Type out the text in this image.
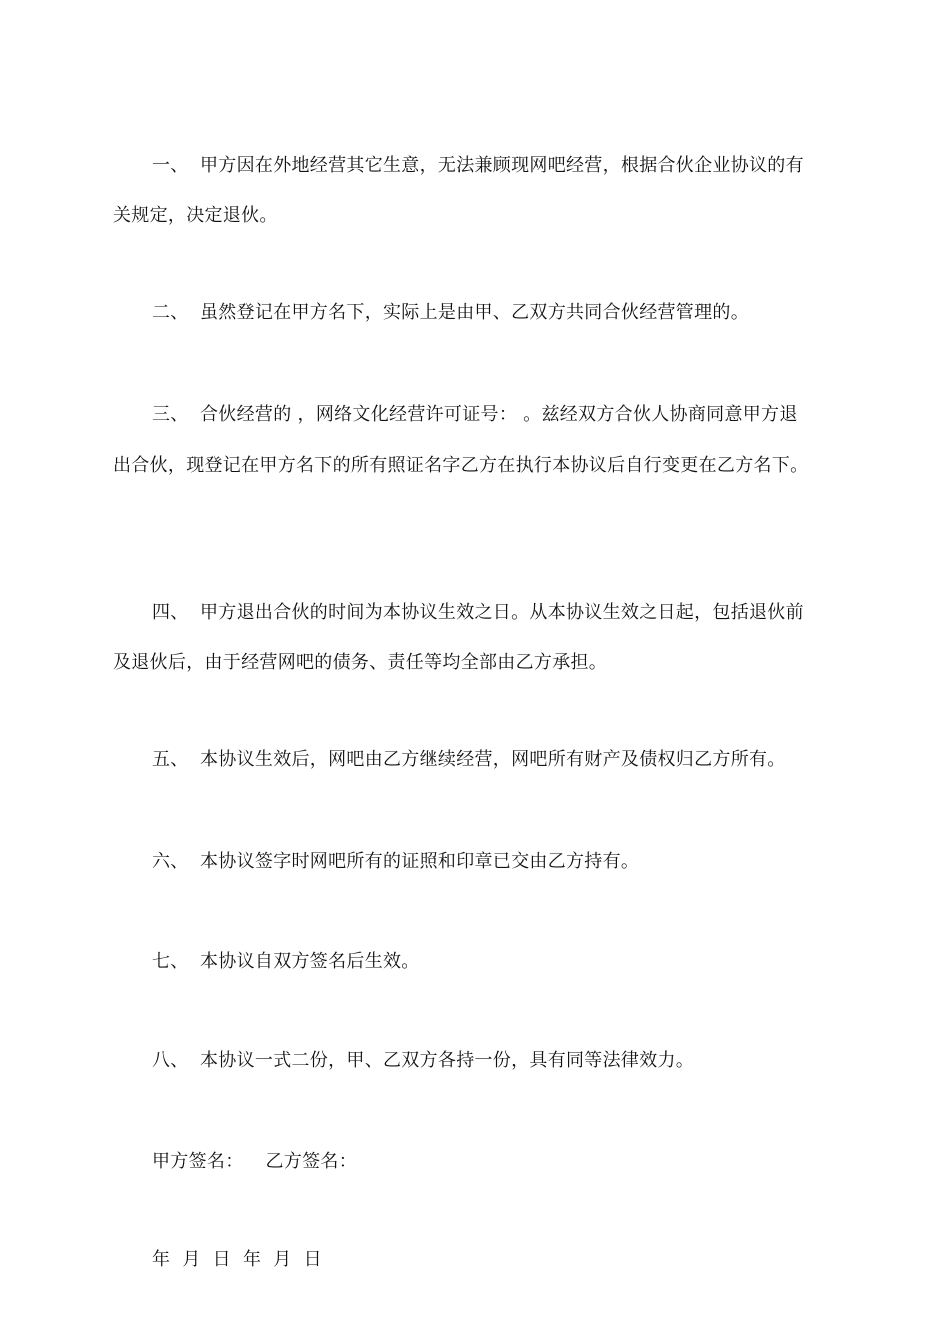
一、 甲方因在外地经营其它生意，无法兼顾现网吧经营，根据合伙企业协议的有
关规定，决定退伙。
二、 虽然登记在甲方名下，实际上是由甲、乙双方共同合伙经营管理的。
三、 合伙经营的 ，网络文化经营许可证号： 。兹经双方合伙人协商同意甲方退
出合伙，现登记在甲方名下的所有照证名字乙方在执行本协议后自行变更在乙方名下。
四、 甲方退出合伙的时间为本协议生效之日。从本协议生效之日起，包括退伙前
及退伙后，由于经营网吧的债务、责任等均全部由乙方承担。
五、 本协议生效后，网吧由乙方继续经营，网吧所有财产及债权归乙方所有。
六、 本协议签字时网吧所有的证照和印章已交由乙方持有。
七、 本协议自双方签名后生效。
八、 本协议一式二份，甲、乙双方各持一份，具有同等法律效力。
甲方签名： 乙方签名：
年 月 日 年 月 日
